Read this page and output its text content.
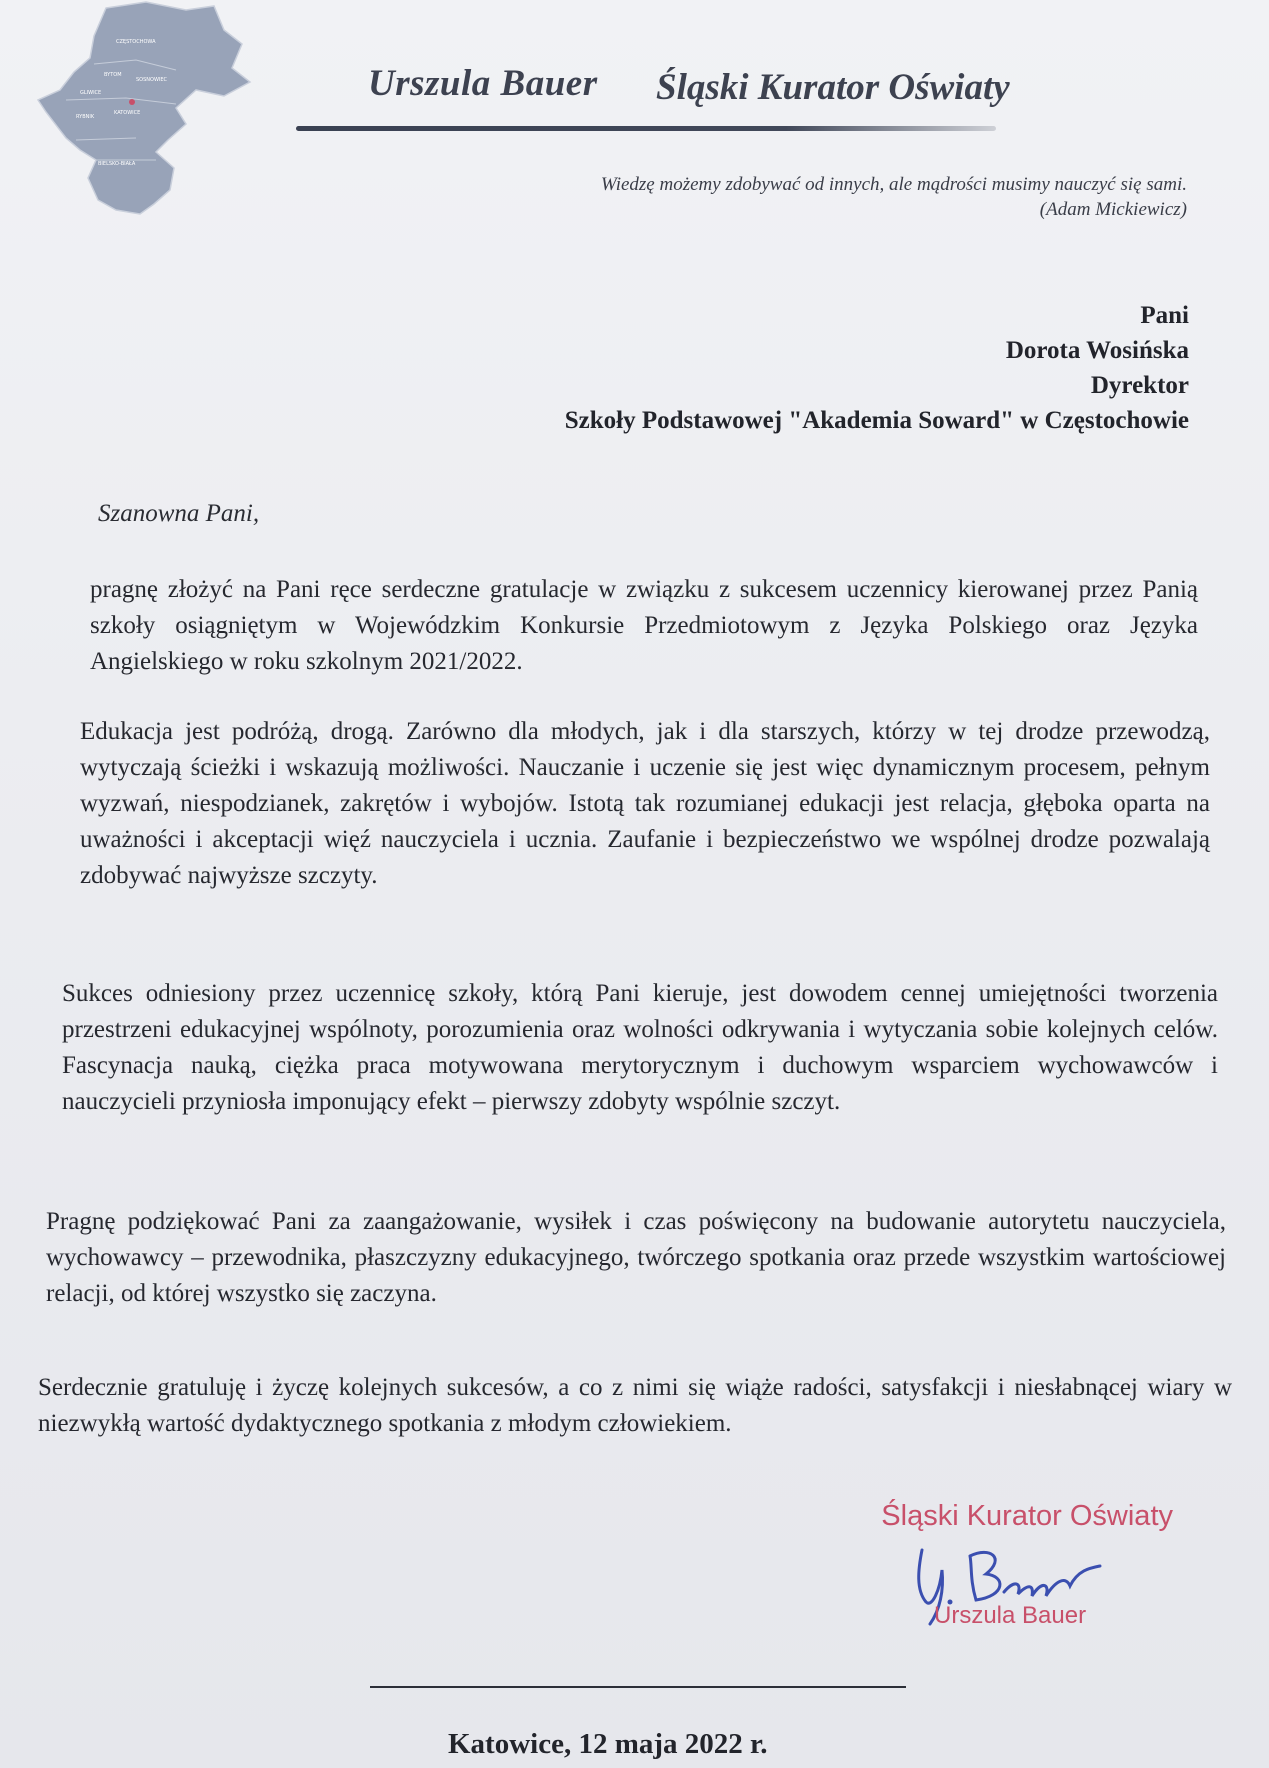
CZĘSTOCHOWA
BYTOM
SOSNOWIEC
GLIWICE
KATOWICE
RYBNIK
BIELSKO-BIAŁA
Urszula Bauer Śląski Kurator Oświaty
Wiedzę możemy zdobywać od innych, ale mądrości musimy nauczyć się sami.
(Adam Mickiewicz)
Pani
Dorota Wosińska
Dyrektor
Szkoły Podstawowej "Akademia Soward" w Częstochowie
Szanowna Pani,
pragnę złożyć na Pani ręce serdeczne gratulacje w związku z sukcesem uczennicy kierowanej przez Panią szkoły osiągniętym w Wojewódzkim Konkursie Przedmiotowym z Języka Polskiego oraz Języka Angielskiego w roku szkolnym 2021/2022.
Edukacja jest podróżą, drogą. Zarówno dla młodych, jak i dla starszych, którzy w tej drodze przewodzą, wytyczają ścieżki i wskazują możliwości. Nauczanie i uczenie się jest więc dynamicznym procesem, pełnym wyzwań, niespodzianek, zakrętów i wybojów. Istotą tak rozumianej edukacji jest relacja, głęboka oparta na uważności i akceptacji więź nauczyciela i ucznia. Zaufanie i bezpieczeństwo we wspólnej drodze pozwalają zdobywać najwyższe szczyty.
Sukces odniesiony przez uczennicę szkoły, którą Pani kieruje, jest dowodem cennej umiejętności tworzenia przestrzeni edukacyjnej wspólnoty, porozumienia oraz wolności odkrywania i wytyczania sobie kolejnych celów. Fascynacja nauką, ciężka praca motywowana merytorycznym i duchowym wsparciem wychowawców i nauczycieli przyniosła imponujący efekt – pierwszy zdobyty wspólnie szczyt.
Pragnę podziękować Pani za zaangażowanie, wysiłek i czas poświęcony na budowanie autorytetu nauczyciela, wychowawcy – przewodnika, płaszczyzny edukacyjnego, twórczego spotkania oraz przede wszystkim wartościowej relacji, od której wszystko się zaczyna.
Serdecznie gratuluję i życzę kolejnych sukcesów, a co z nimi się wiąże radości, satysfakcji i niesłabnącej wiary w niezwykłą wartość dydaktycznego spotkania z młodym człowiekiem.
Śląski Kurator Oświaty
Urszula Bauer
Katowice, 12 maja 2022 r.
